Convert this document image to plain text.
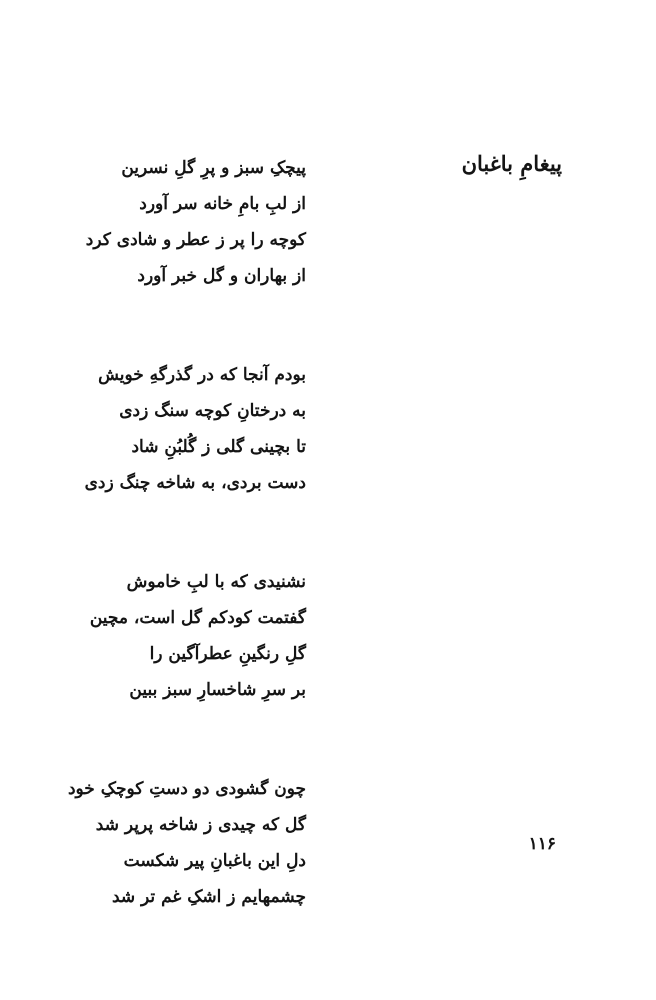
پیغامِ باغبان
پیچکِ سبز و پرِ گلِ نسرین
از لبِ بامِ خانه سر آورد
کوچه را پر ز عطر و شادی کرد
از بهاران و گل خبر آورد
بودم آنجا که در گذرگهِ خویش
به درختانِ کوچه سنگ زدی
تا بچینی گلی ز گُلبُنِ شاد
دست بردی، به شاخه چنگ زدی
نشنیدی که با لبِ خاموش
گفتمت کودکم گل است، مچین
گلِ رنگینِ عطرآگین را
بر سرِ شاخسارِ سبز ببین
چون گشودی دو دستِ کوچکِ خود
گل که چیدی ز شاخه پرپر شد
دلِ این باغبانِ پیر شکست
چشمهایم ز اشکِ غم تر شد
۱۱۶
